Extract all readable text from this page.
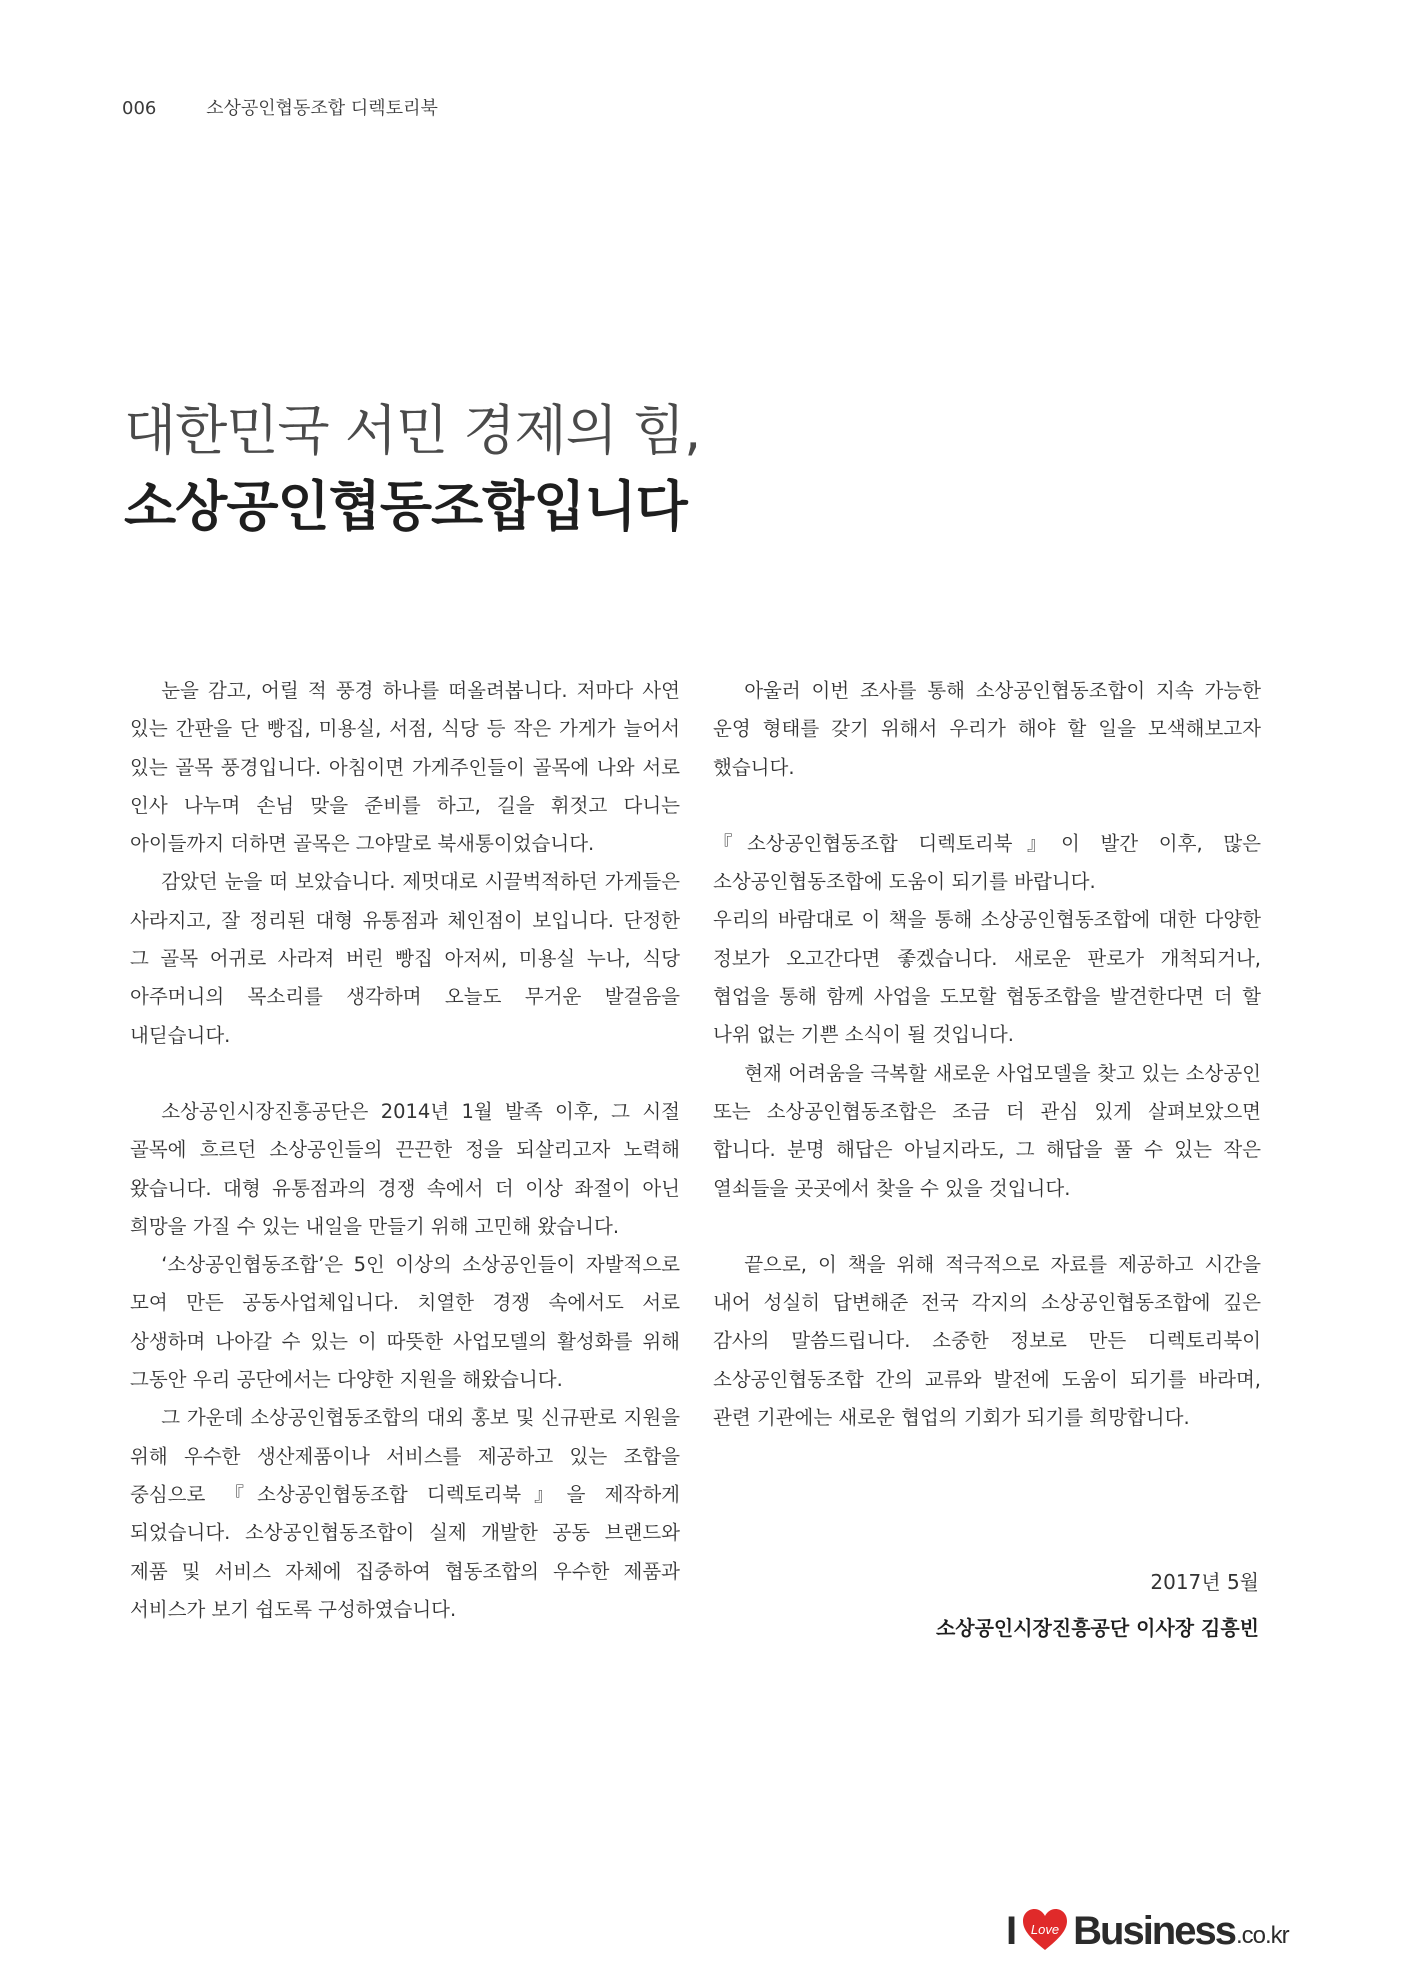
006	소상공인협동조합 디렉토리북
대한민국 서민 경제의 힘,
소상공인협동조합입니다

눈을 감고, 어릴 적 풍경 하나를 떠올려봅니다. 저마다 사연 있는 간판을 단 빵집, 미용실, 서점, 식당 등 작은 가게가 늘어서 있는 골목 풍경입니다. 아침이면 가게주인들이 골목에 나와 서로 인사 나누며 손님 맞을 준비를 하고, 길을 휘젓고 다니는 아이들까지 더하면 골목은 그야말로 북새통이었습니다.

감았던 눈을 떠 보았습니다. 제멋대로 시끌벅적하던 가게들은 사라지고, 잘 정리된 대형 유통점과 체인점이 보입니다. 단정한 그 골목 어귀로 사라져 버린 빵집 아저씨, 미용실 누나, 식당 아주머니의 목소리를 생각하며 오늘도 무거운 발걸음을 내딛습니다.

소상공인시장진흥공단은 2014년 1월 발족 이후, 그 시절 골목에 흐르던 소상공인들의 끈끈한 정을 되살리고자 노력해 왔습니다. 대형 유통점과의 경쟁 속에서 더 이상 좌절이 아닌 희망을 가질 수 있는 내일을 만들기 위해 고민해 왔습니다.

‘소상공인협동조합’은 5인 이상의 소상공인들이 자발적으로 모여 만든 공동사업체입니다. 치열한 경쟁 속에서도 서로 상생하며 나아갈 수 있는 이 따뜻한 사업모델의 활성화를 위해 그동안 우리 공단에서는 다양한 지원을 해왔습니다.

그 가운데 소상공인협동조합의 대외 홍보 및 신규판로 지원을 위해 우수한 생산제품이나 서비스를 제공하고 있는 조합을 중심으로 『소상공인협동조합 디렉토리북』을 제작하게 되었습니다. 소상공인협동조합이 실제 개발한 공동 브랜드와 제품 및 서비스 자체에 집중하여 협동조합의 우수한 제품과 서비스가 보기 쉽도록 구성하였습니다.

아울러 이번 조사를 통해 소상공인협동조합이 지속 가능한 운영 형태를 갖기 위해서 우리가 해야 할 일을 모색해보고자 했습니다.

『소상공인협동조합 디렉토리북』이 발간 이후, 많은 소상공인협동조합에 도움이 되기를 바랍니다.

우리의 바람대로 이 책을 통해 소상공인협동조합에 대한 다양한 정보가 오고간다면 좋겠습니다. 새로운 판로가 개척되거나, 협업을 통해 함께 사업을 도모할 협동조합을 발견한다면 더 할 나위 없는 기쁜 소식이 될 것입니다.

현재 어려움을 극복할 새로운 사업모델을 찾고 있는 소상공인 또는 소상공인협동조합은 조금 더 관심 있게 살펴보았으면 합니다. 분명 해답은 아닐지라도, 그 해답을 풀 수 있는 작은 열쇠들을 곳곳에서 찾을 수 있을 것입니다.

끝으로, 이 책을 위해 적극적으로 자료를 제공하고 시간을 내어 성실히 답변해준 전국 각지의 소상공인협동조합에 깊은 감사의 말씀드립니다. 소중한 정보로 만든 디렉토리북이 소상공인협동조합 간의 교류와 발전에 도움이 되기를 바라며, 관련 기관에는 새로운 협업의 기회가 되기를 희망합니다.

2017년 5월
소상공인시장진흥공단 이사장 김흥빈
I Love Business .co.kr
